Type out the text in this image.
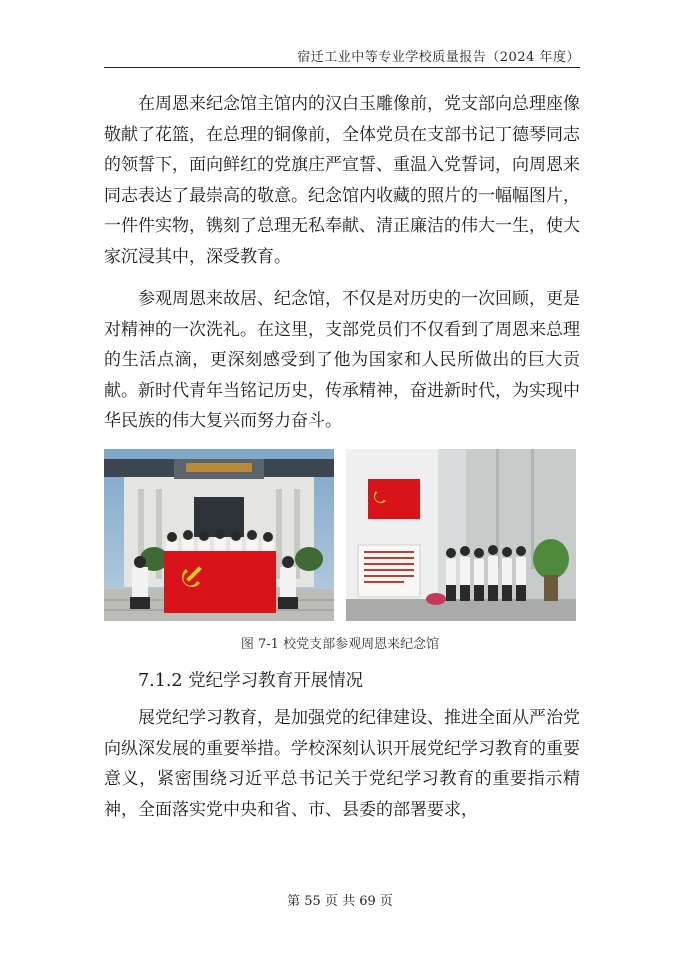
宿迁工业中等专业学校质量报告（2024 年度）

在周恩来纪念馆主馆内的汉白玉雕像前，党支部向总理座像敬献了花篮，在总理的铜像前，全体党员在支部书记丁德琴同志的领誓下，面向鲜红的党旗庄严宣誓、重温入党誓词，向周恩来同志表达了最崇高的敬意。纪念馆内收藏的照片的一幅幅图片，一件件实物，镌刻了总理无私奉献、清正廉洁的伟大一生，使大家沉浸其中，深受教育。

参观周恩来故居、纪念馆，不仅是对历史的一次回顾，更是对精神的一次洗礼。在这里，支部党员们不仅看到了周恩来总理的生活点滴，更深刻感受到了他为国家和人民所做出的巨大贡献。新时代青年当铭记历史，传承精神，奋进新时代，为实现中华民族的伟大复兴而努力奋斗。

图 7-1 校党支部参观周恩来纪念馆
7.1.2 党纪学习教育开展情况

展党纪学习教育，是加强党的纪律建设、推进全面从严治党向纵深发展的重要举措。学校深刻认识开展党纪学习教育的重要意义，紧密围绕习近平总书记关于党纪学习教育的重要指示精神，全面落实党中央和省、市、县委的部署要求，

第 55 页 共 69 页
